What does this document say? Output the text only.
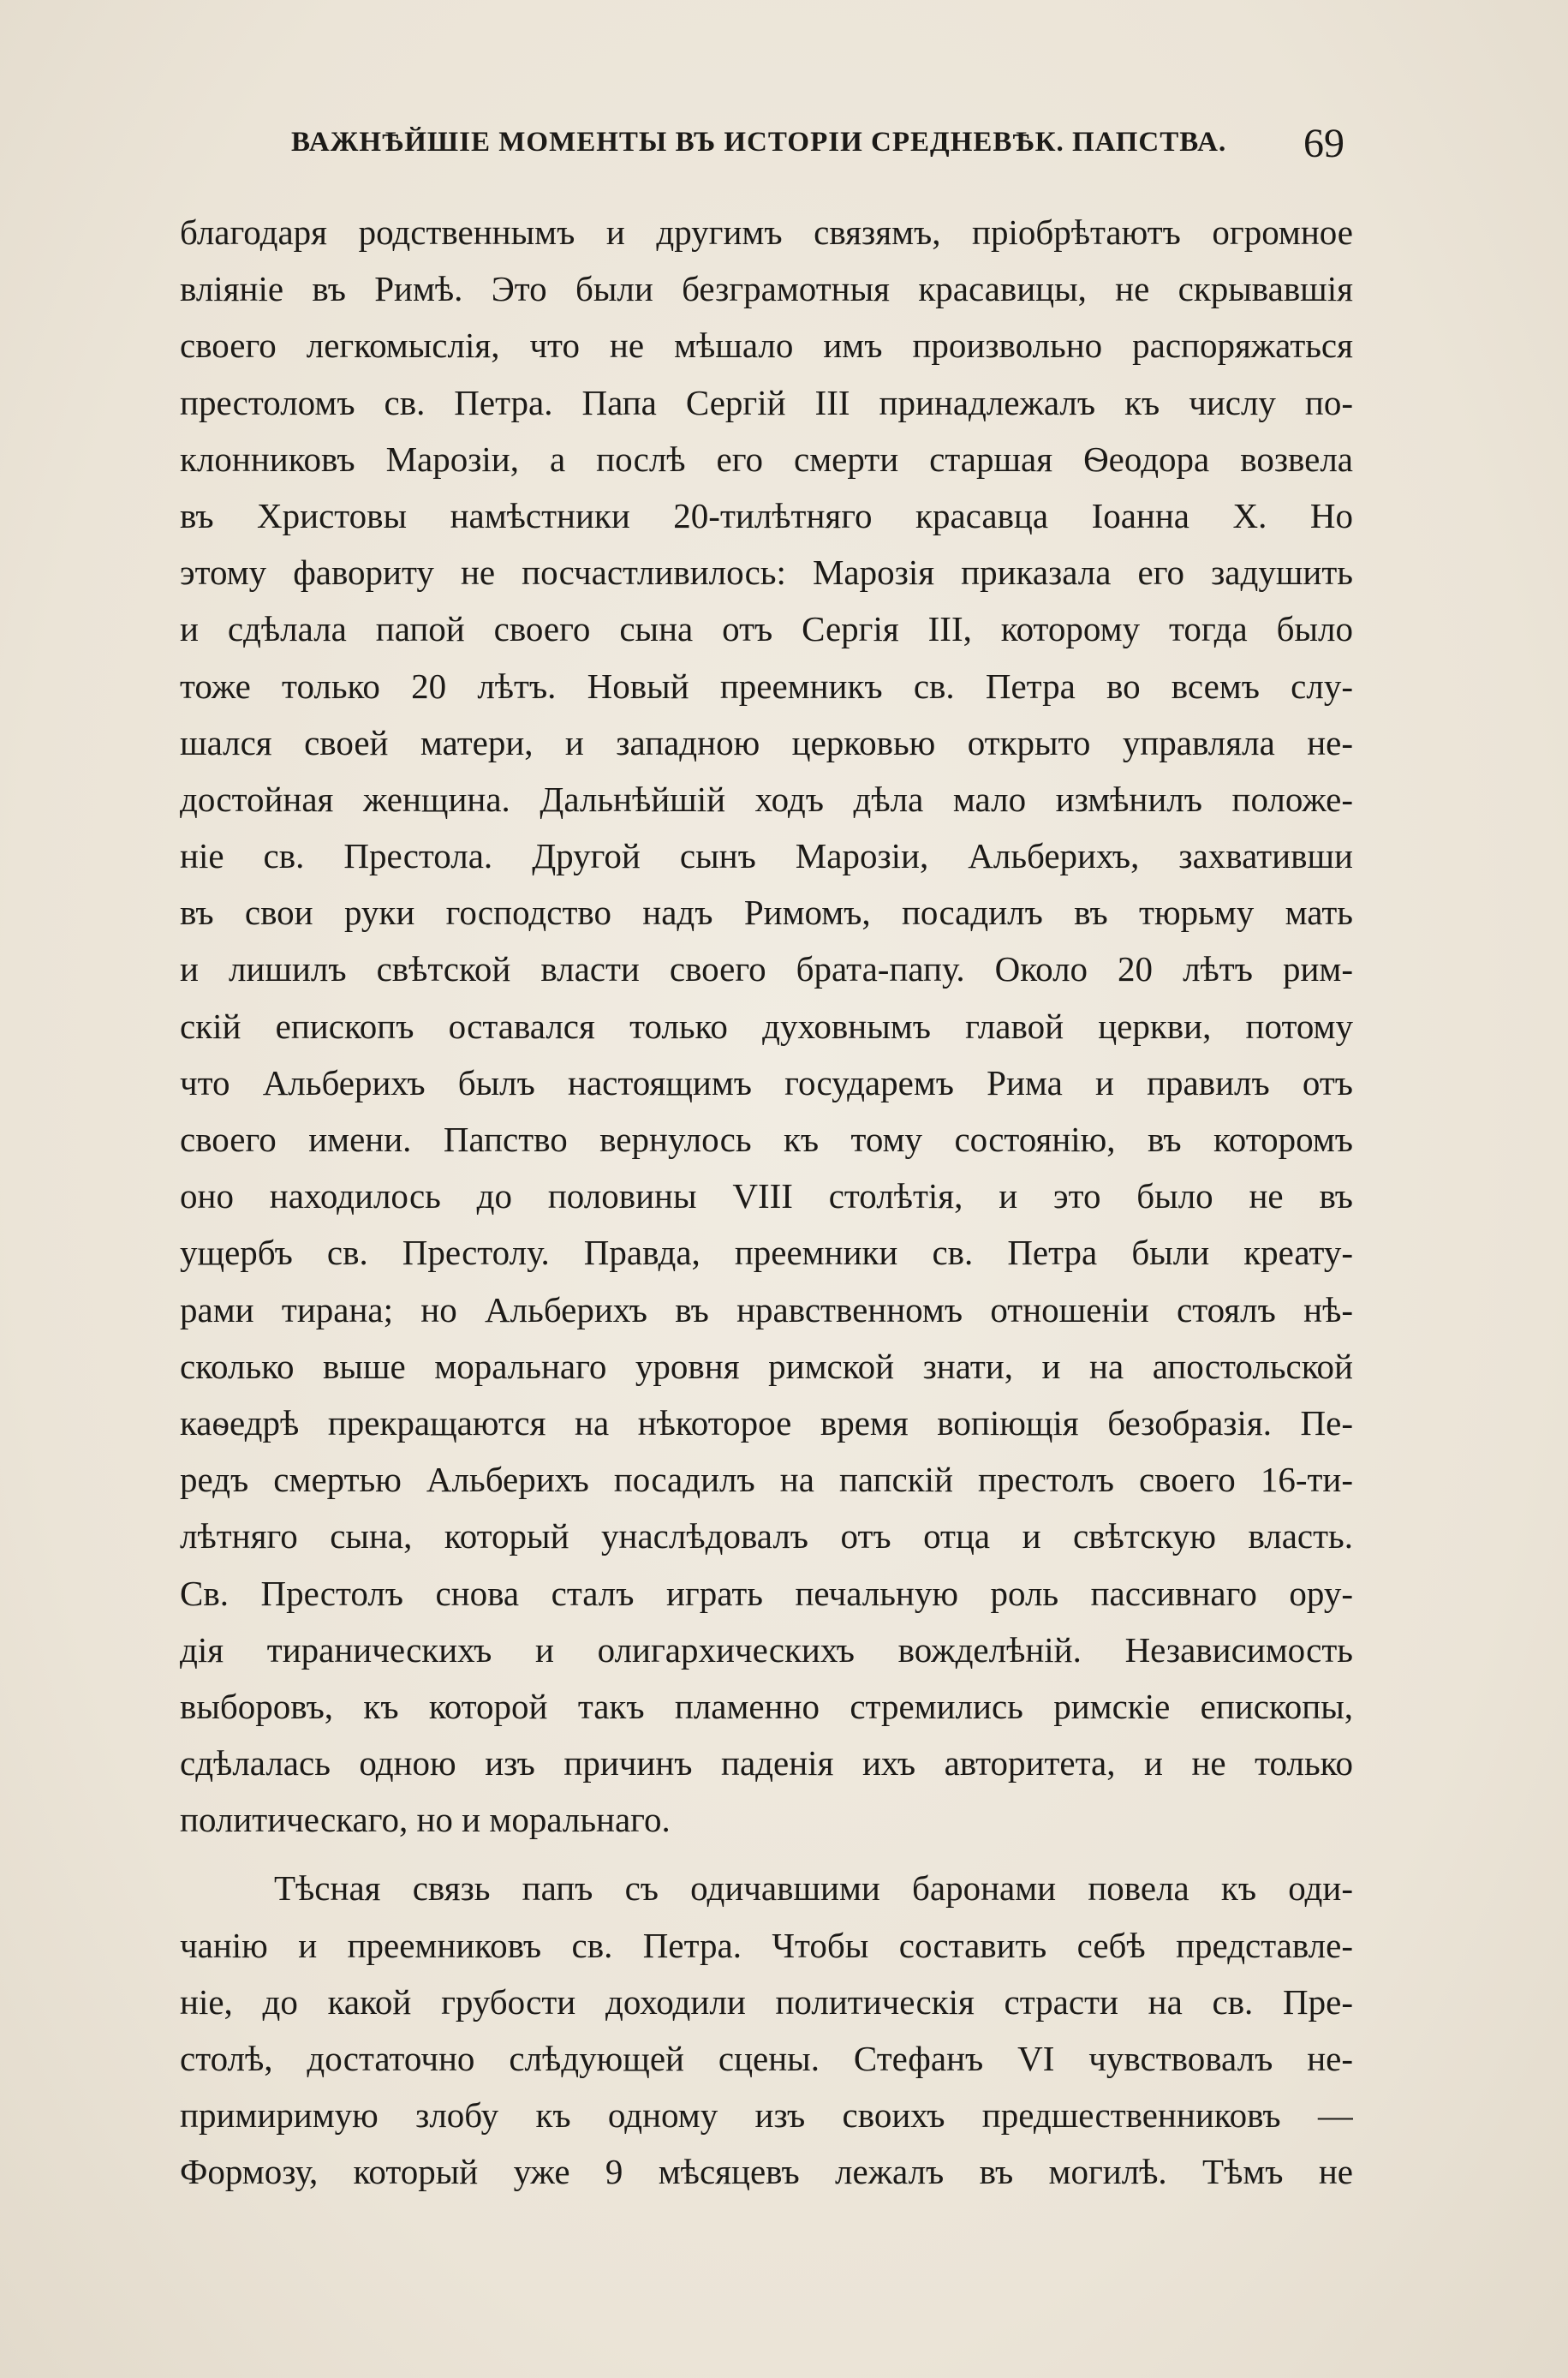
ВАЖНѢЙШІЕ МОМЕНТЫ ВЪ ИСТОРІИ СРЕДНЕВѢК. ПАПСТВА. 69
благодаря родственнымъ и другимъ связямъ, пріобрѣтаютъ огромное
вліяніе въ Римѣ. Это были безграмотныя красавицы, не скрывавшія
своего легкомыслія, что не мѣшало имъ произвольно распоряжаться
престоломъ св. Петра. Папа Сергій III принадлежалъ къ числу по-
клонниковъ Марозіи, а послѣ его смерти старшая Ѳеодора возвела
въ Христовы намѣстники 20-тилѣтняго красавца Іоанна X. Но
этому фавориту не посчастливилось: Марозія приказала его задушить
и сдѣлала папой своего сына отъ Сергія III, которому тогда было
тоже только 20 лѣтъ. Новый преемникъ св. Петра во всемъ слу-
шался своей матери, и западною церковью открыто управляла не-
достойная женщина. Дальнѣйшій ходъ дѣла мало измѣнилъ положе-
ніе св. Престола. Другой сынъ Марозіи, Альберихъ, захвативши
въ свои руки господство надъ Римомъ, посадилъ въ тюрьму мать
и лишилъ свѣтской власти своего брата-папу. Около 20 лѣтъ рим-
скій епископъ оставался только духовнымъ главой церкви, потому
что Альберихъ былъ настоящимъ государемъ Рима и правилъ отъ
своего имени. Папство вернулось къ тому состоянію, въ которомъ
оно находилось до половины VIII столѣтія, и это было не въ
ущербъ св. Престолу. Правда, преемники св. Петра были креату-
рами тирана; но Альберихъ въ нравственномъ отношеніи стоялъ нѣ-
сколько выше моральнаго уровня римской знати, и на апостольской
каѳедрѣ прекращаются на нѣкоторое время вопіющія безобразія. Пе-
редъ смертью Альберихъ посадилъ на папскій престолъ своего 16-ти-
лѣтняго сына, который унаслѣдовалъ отъ отца и свѣтскую власть.
Св. Престолъ снова сталъ играть печальную роль пассивнаго ору-
дія тираническихъ и олигархическихъ вожделѣній. Независимость
выборовъ, къ которой такъ пламенно стремились римскіе епископы,
сдѣлалась одною изъ причинъ паденія ихъ авторитета, и не только
политическаго, но и моральнаго.
Тѣсная связь папъ съ одичавшими баронами повела къ оди-
чанію и преемниковъ св. Петра. Чтобы составить себѣ представле-
ніе, до какой грубости доходили политическія страсти на св. Пре-
столѣ, достаточно слѣдующей сцены. Стефанъ VI чувствовалъ не-
примиримую злобу къ одному изъ своихъ предшественниковъ —
Формозу, который уже 9 мѣсяцевъ лежалъ въ могилѣ. Тѣмъ не
